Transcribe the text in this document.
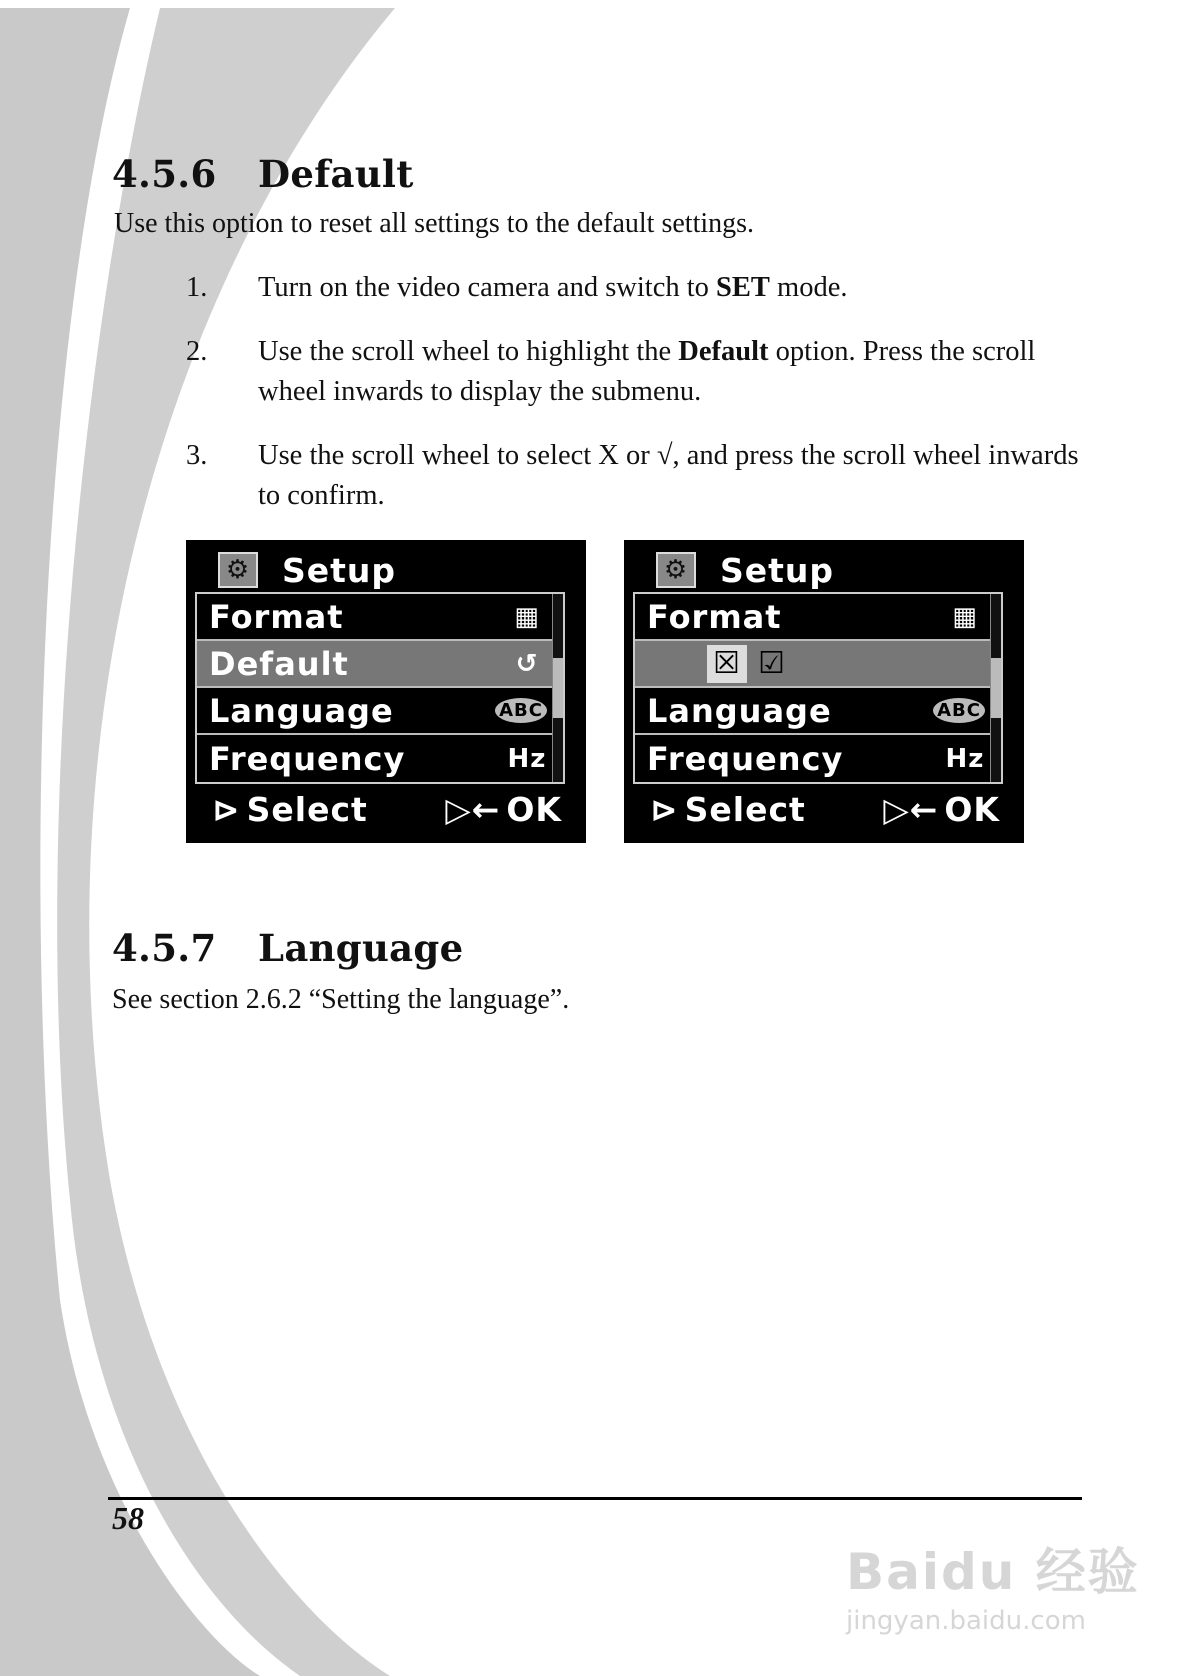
4.5.6 Default

Use this option to reset all settings to the default settings.

1. Turn on the video camera and switch to SET mode.
2. Use the scroll wheel to highlight the Default option. Press the scroll wheel inwards to display the submenu.
3. Use the scroll wheel to select X or √, and press the scroll wheel inwards to confirm.
⚙ Setup
Format	▦
Default	↺
Language	ABC
Frequency	Hz
⊳ Select ▷← OK
⚙ Setup
Format	▦
☒ ☑
Language	ABC
Frequency	Hz
⊳ Select ▷← OK
4.5.7 Language

See section 2.6.2 “Setting the language”.

58
Baidu 经验
jingyan.baidu.com
